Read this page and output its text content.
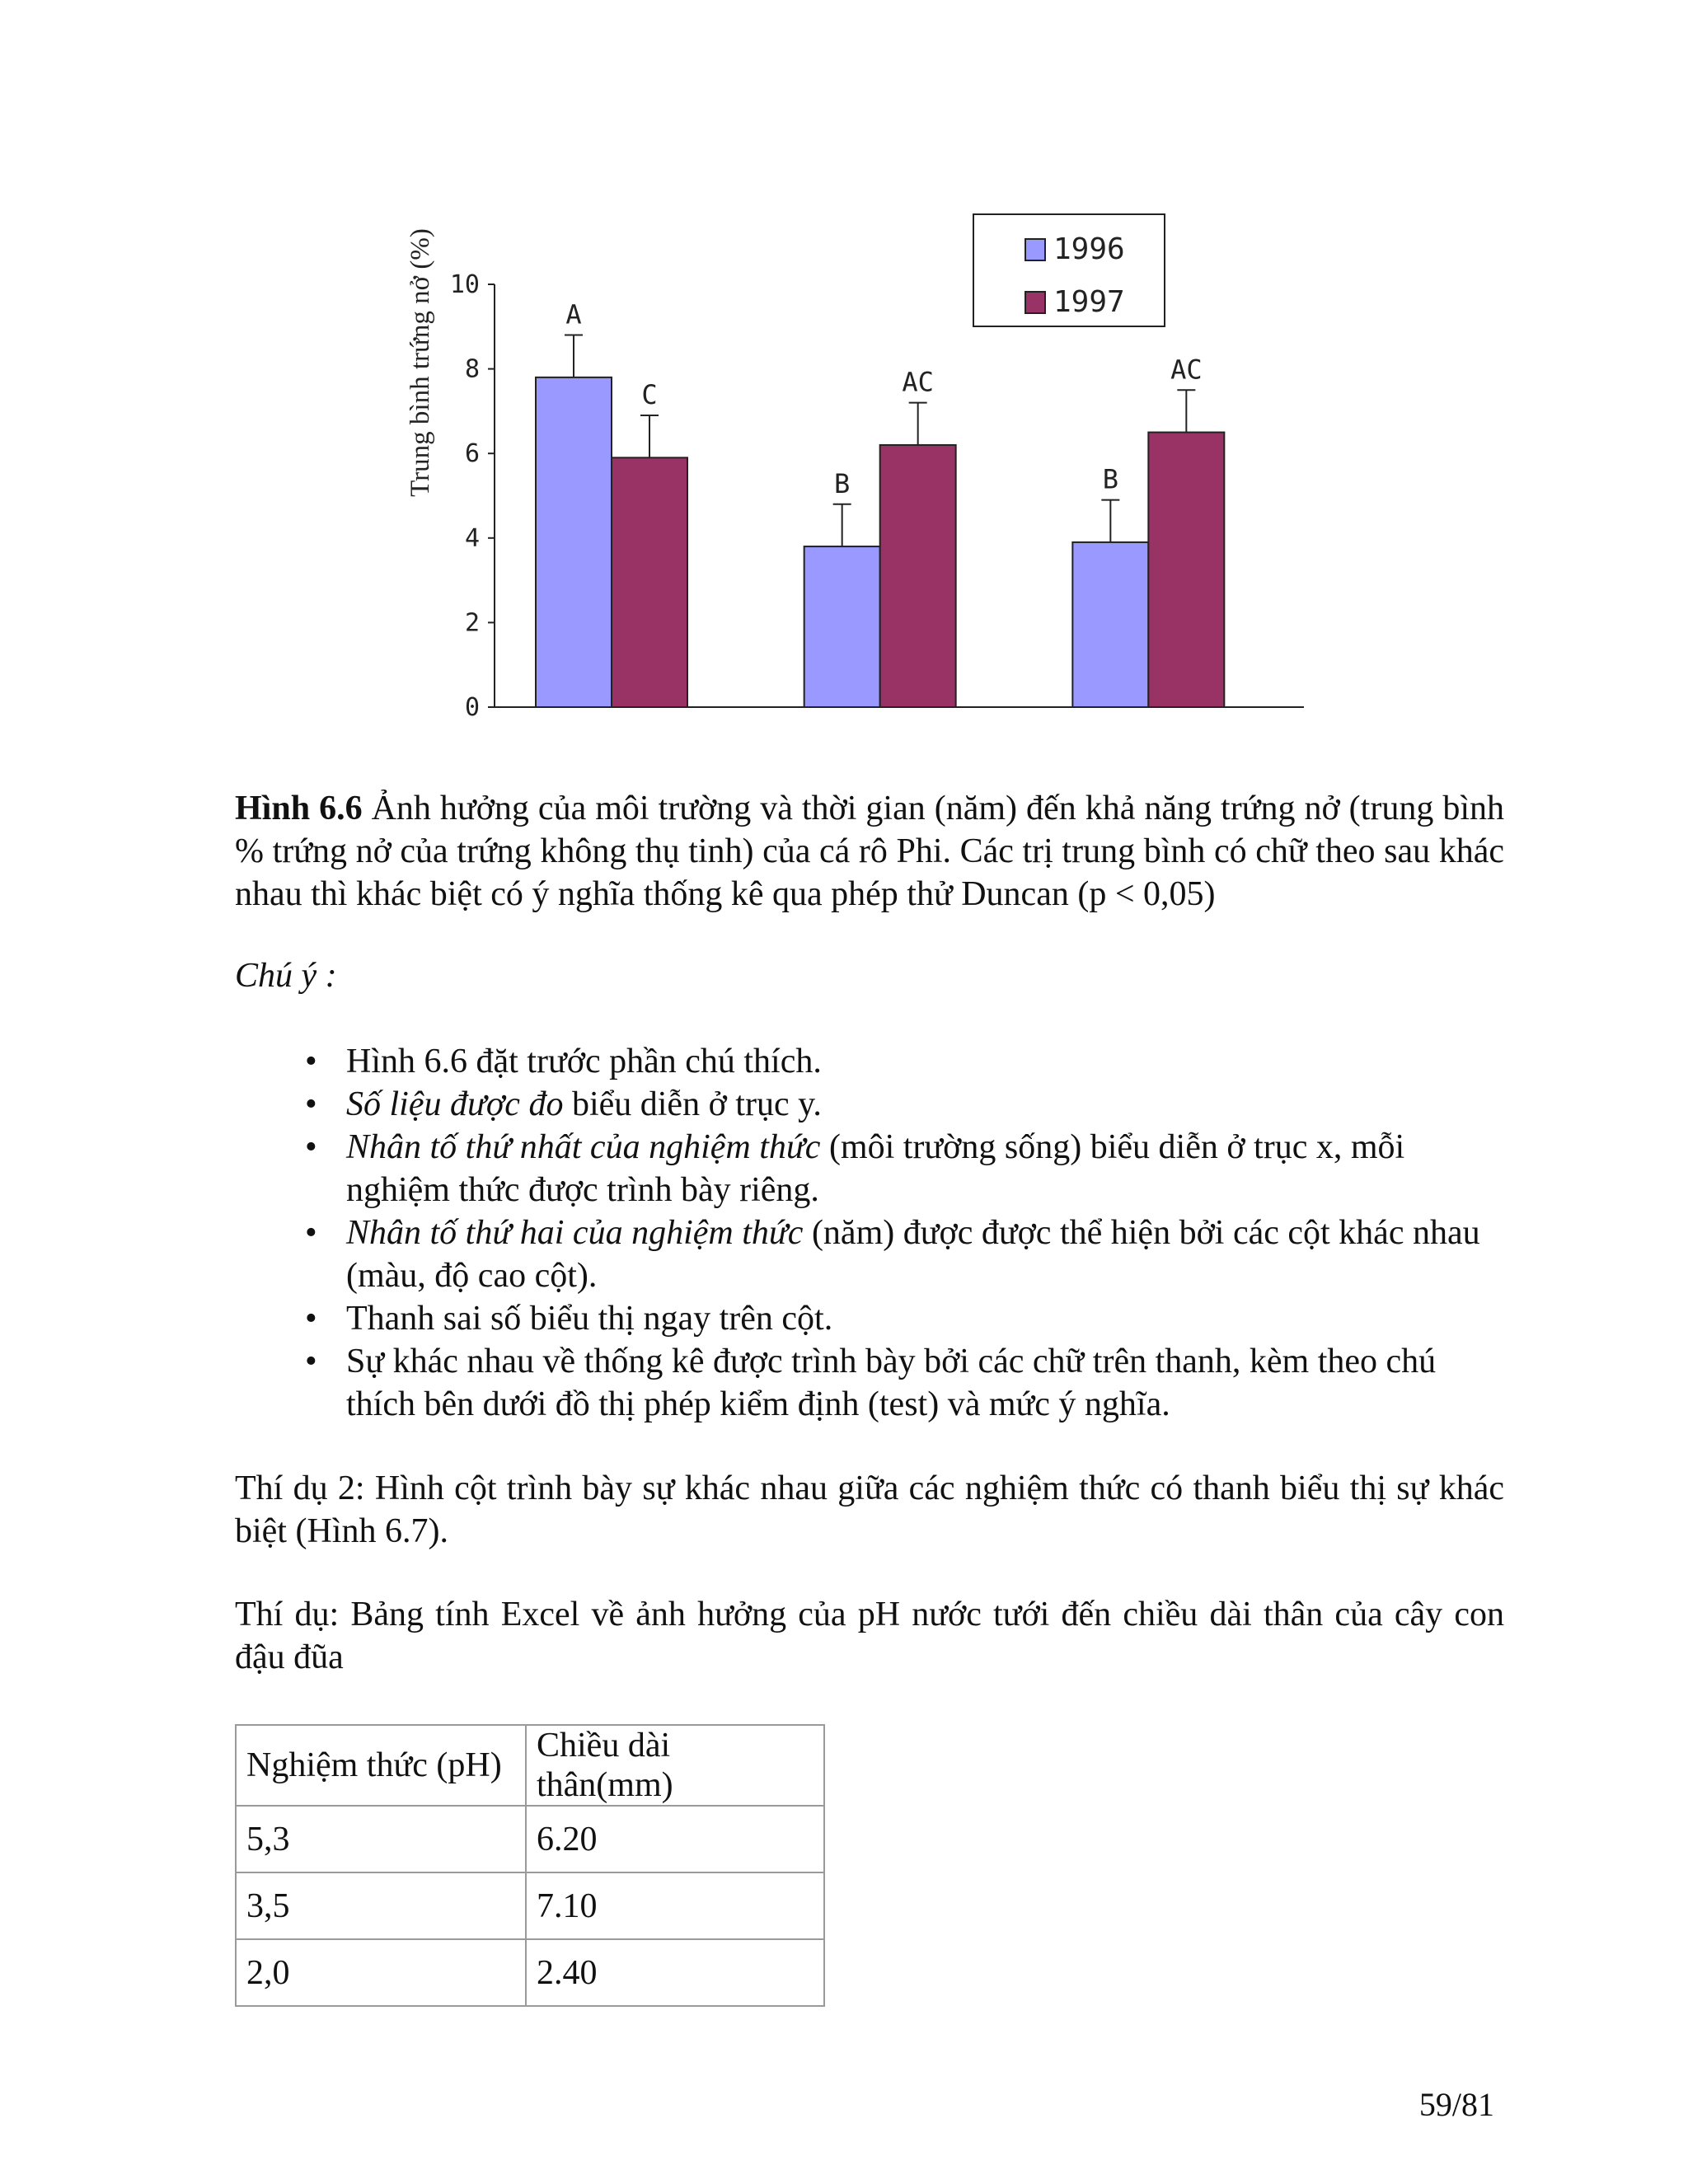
0
2
4
6
8
10
A
B	B
C	AC	AC
1996
1997
Trung bình trứng nở (%)
Hình 6.6 Ảnh hưởng của môi trường và thời gian (năm) đến khả năng trứng nở (trung bình % trứng nở của trứng không thụ tinh) của cá rô Phi. Các trị trung bình có chữ theo sau khác nhau thì khác biệt có ý nghĩa thống kê qua phép thử Duncan (p < 0,05)
Chú ý :
• Hình 6.6 đặt trước phần chú thích.
• Số liệu được đo biểu diễn ở trục y.
• Nhân tố thứ nhất của nghiệm thức (môi trường sống) biểu diễn ở trục x, mỗi nghiệm thức được trình bày riêng.
• Nhân tố thứ hai của nghiệm thức (năm) được được thể hiện bởi các cột khác nhau (màu, độ cao cột).
• Thanh sai số biểu thị ngay trên cột.
• Sự khác nhau về thống kê được trình bày bởi các chữ trên thanh, kèm theo chú thích bên dưới đồ thị phép kiểm định (test) và mức ý nghĩa.
Thí dụ 2: Hình cột trình bày sự khác nhau giữa các nghiệm thức có thanh biểu thị sự khác biệt (Hình 6.7).
Thí dụ: Bảng tính Excel về ảnh hưởng của pH nước tưới đến chiều dài thân của cây con đậu đũa
Nghiệm thức (pH)	Chiều dài thân(mm)
5,3	6.20
3,5	7.10
2,0	2.40
59/81
